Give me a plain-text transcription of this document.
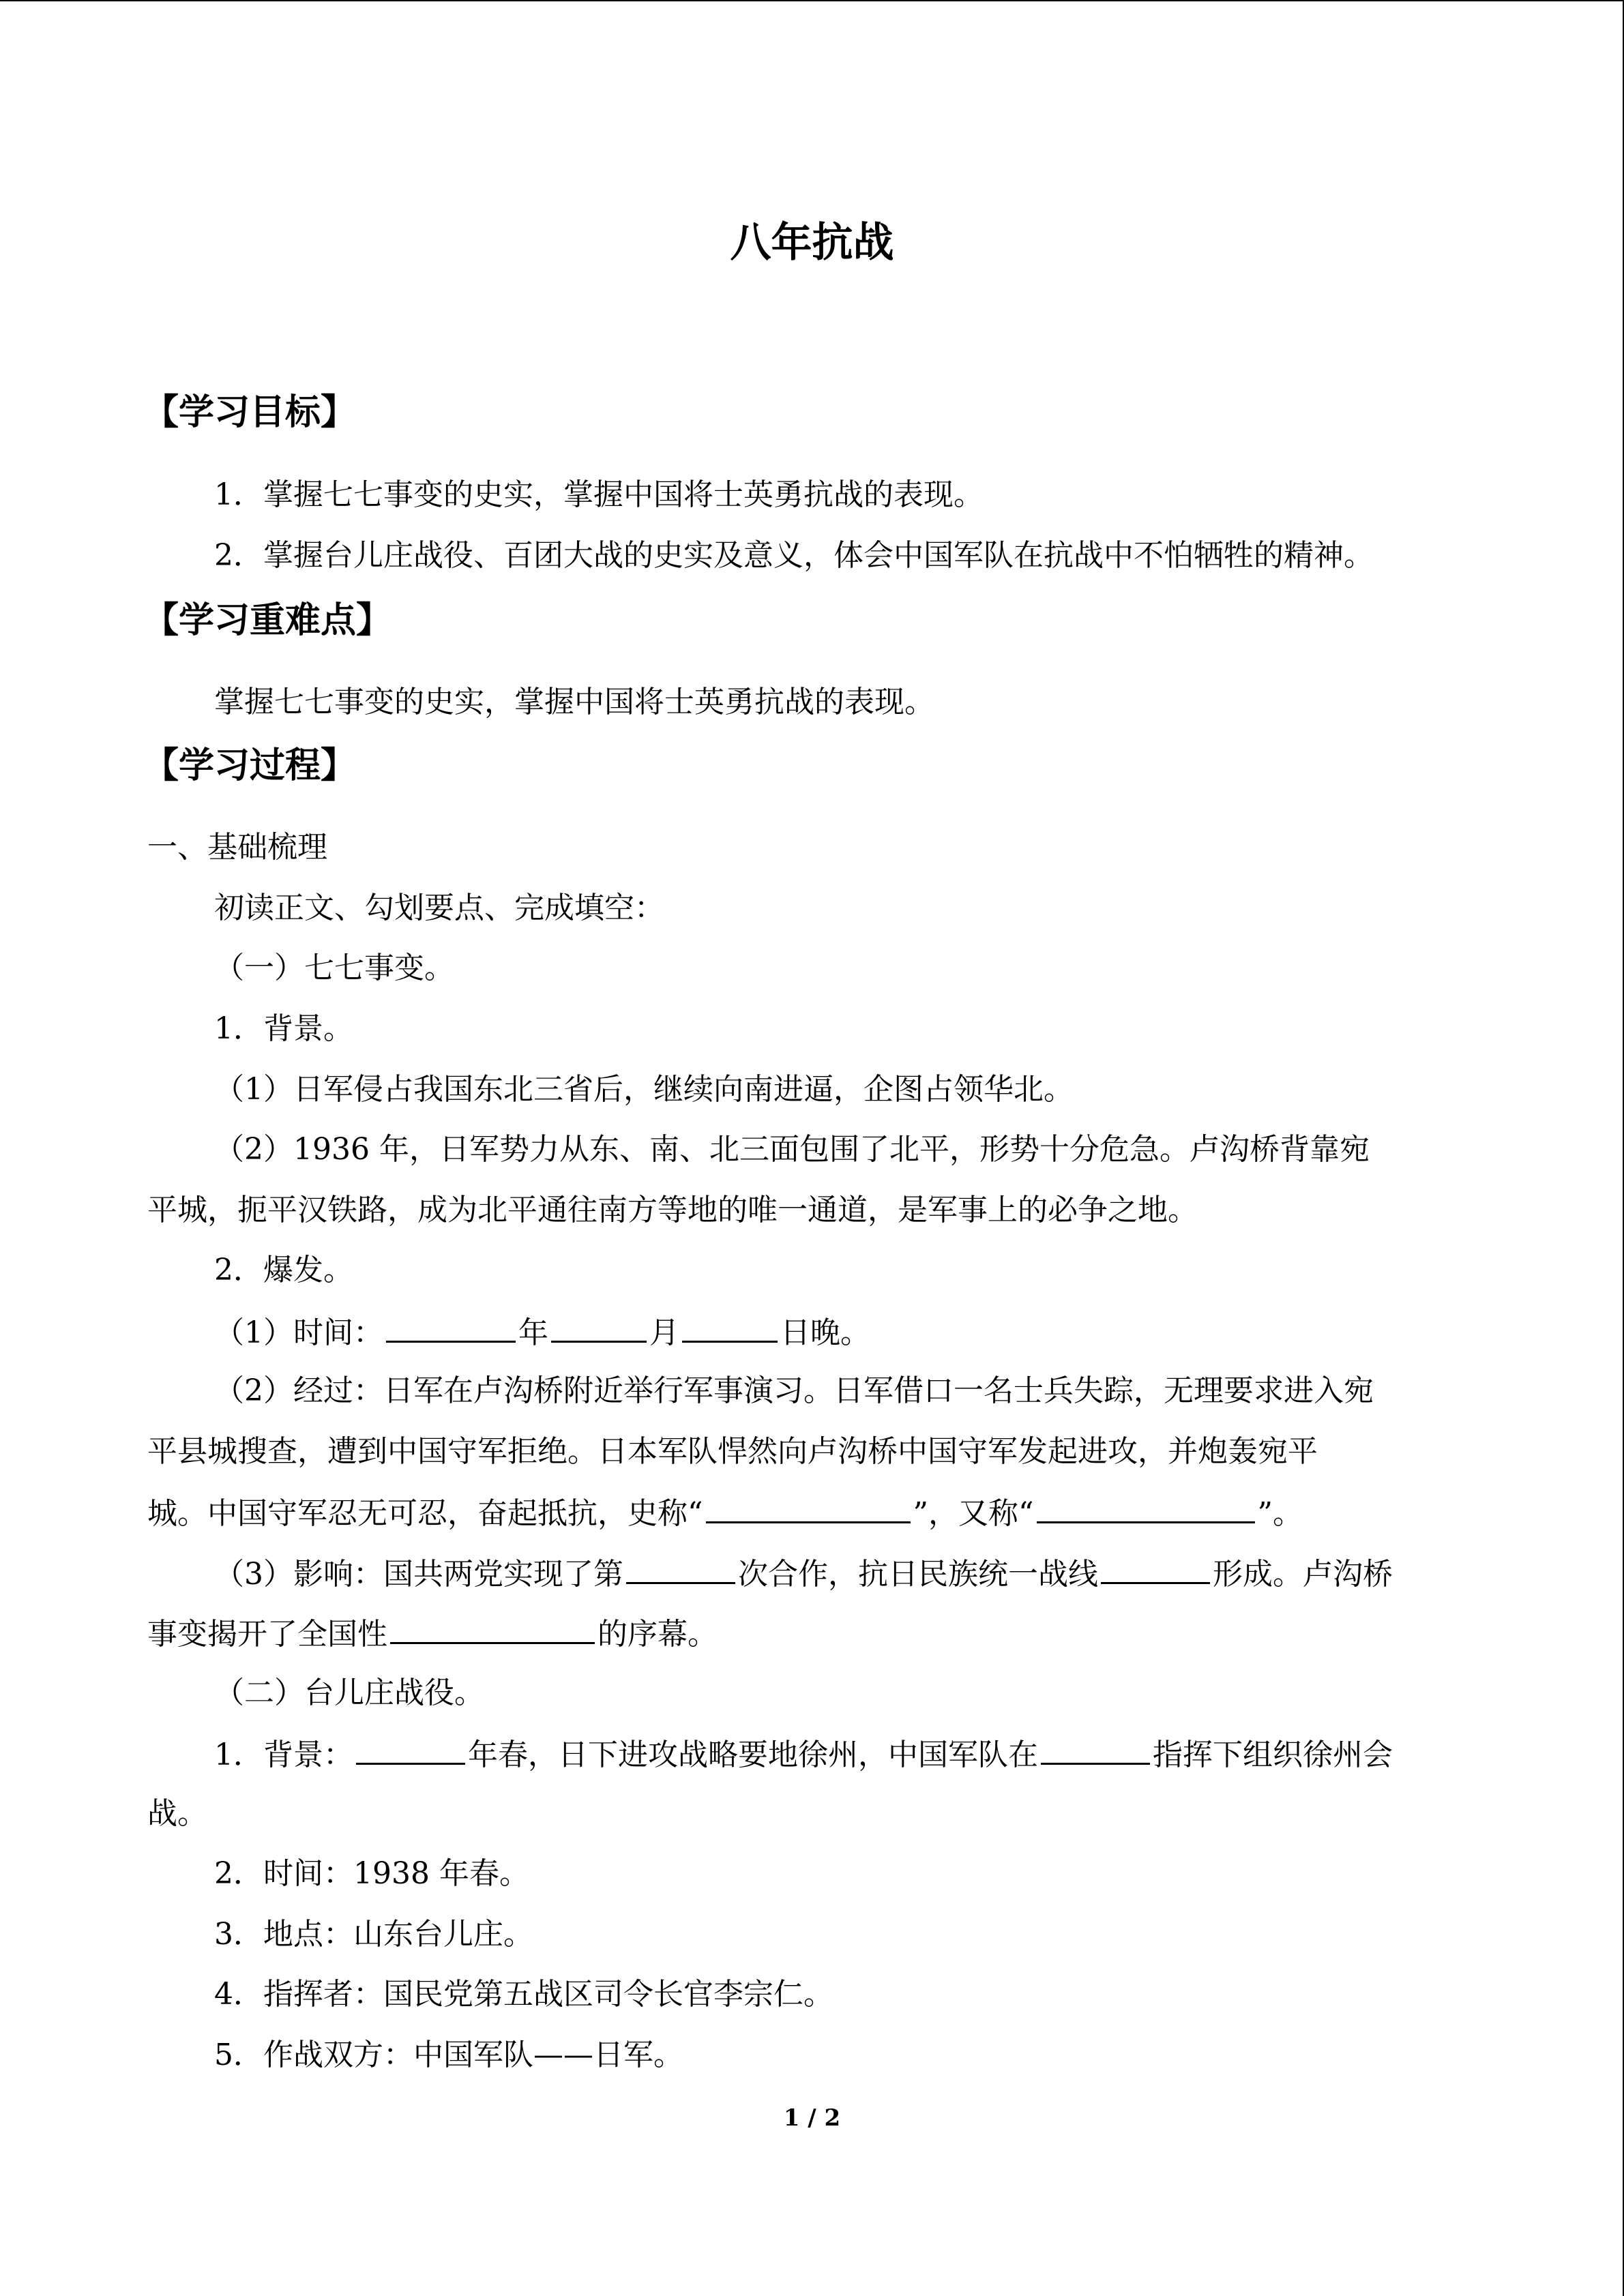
八年抗战
【学习目标】
1．掌握七七事变的史实，掌握中国将士英勇抗战的表现。
2．掌握台儿庄战役、百团大战的史实及意义，体会中国军队在抗战中不怕牺牲的精神。
【学习重难点】
掌握七七事变的史实，掌握中国将士英勇抗战的表现。
【学习过程】
一、基础梳理
初读正文、勾划要点、完成填空：
（一）七七事变。
1．背景。
（1）日军侵占我国东北三省后，继续向南进逼，企图占领华北。
（2）1936 年，日军势力从东、南、北三面包围了北平，形势十分危急。卢沟桥背靠宛
平城，扼平汉铁路，成为北平通往南方等地的唯一通道，是军事上的必争之地。
2．爆发。
（1）时间：	年	月	日晚。
（2）经过：日军在卢沟桥附近举行军事演习。日军借口一名士兵失踪，无理要求进入宛
平县城搜查，遭到中国守军拒绝。日本军队悍然向卢沟桥中国守军发起进攻，并炮轰宛平
城。中国守军忍无可忍，奋起抵抗，史称“	”，又称“	”。
（3）影响：国共两党实现了第	次合作，抗日民族统一战线	形成。卢沟桥
事变揭开了全国性	的序幕。
（二）台儿庄战役。
1．背景：	年春，日下进攻战略要地徐州，中国军队在	指挥下组织徐州会
战。
2．时间：1938 年春。
3．地点：山东台儿庄。
4．指挥者：国民党第五战区司令长官李宗仁。
5．作战双方：中国军队——日军。
1 / 2
